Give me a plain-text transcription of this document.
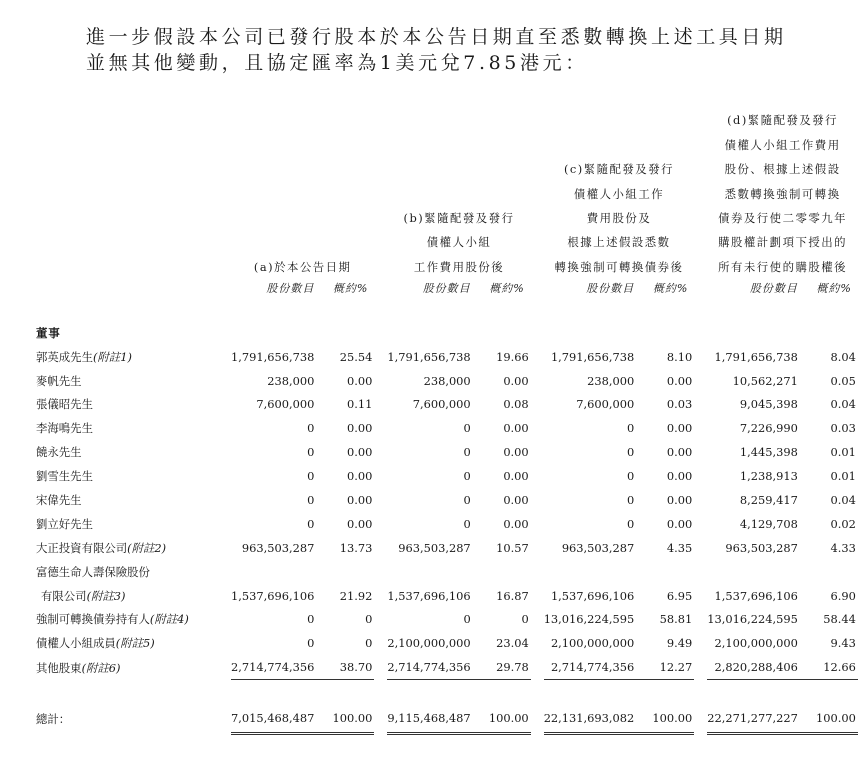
進一步假設本公司已發行股本於本公告日期直至悉數轉換上述工具日期並無其他變動，且協定匯率為1美元兌7.85港元：

										(d)緊隨配發及發行	
										債權人小組工作費用	
							(c)緊隨配發及發行			股份、根據上述假設	
							債權人小組工作			悉數轉換強制可轉換	
				(b)緊隨配發及發行			費用股份及			債券及行使二零零九年	
				債權人小組			根據上述假設悉數			購股權計劃項下授出的	
	(a)於本公告日期			工作費用股份後			轉換強制可轉換債券後			所有未行使的購股權後	
	股份數目	概約%		股份數目	概約%		股份數目	概約%		股份數目	概約%
董事											
郭英成先生(附註1)	1,791,656,738	25.54		1,791,656,738	19.66		1,791,656,738	8.10		1,791,656,738	8.04
麥帆先生	238,000	0.00		238,000	0.00		238,000	0.00		10,562,271	0.05
張儀昭先生	7,600,000	0.11		7,600,000	0.08		7,600,000	0.03		9,045,398	0.04
李海鳴先生	0	0.00		0	0.00		0	0.00		7,226,990	0.03
饒永先生	0	0.00		0	0.00		0	0.00		1,445,398	0.01
劉雪生先生	0	0.00		0	0.00		0	0.00		1,238,913	0.01
宋偉先生	0	0.00		0	0.00		0	0.00		8,259,417	0.04
劉立好先生	0	0.00		0	0.00		0	0.00		4,129,708	0.02
大正投資有限公司(附註2)	963,503,287	13.73		963,503,287	10.57		963,503,287	4.35		963,503,287	4.33
富德生命人壽保險股份											
有限公司(附註3)	1,537,696,106	21.92		1,537,696,106	16.87		1,537,696,106	6.95		1,537,696,106	6.90
強制可轉換債券持有人(附註4)	0	0		0	0		13,016,224,595	58.81		13,016,224,595	58.44
債權人小組成員(附註5)	0	0		2,100,000,000	23.04		2,100,000,000	9.49		2,100,000,000	9.43
其他股東(附註6)	2,714,774,356	38.70		2,714,774,356	29.78		2,714,774,356	12.27		2,820,288,406	12.66

總計：	7,015,468,487	100.00		9,115,468,487	100.00		22,131,693,082	100.00		22,271,277,227	100.00
